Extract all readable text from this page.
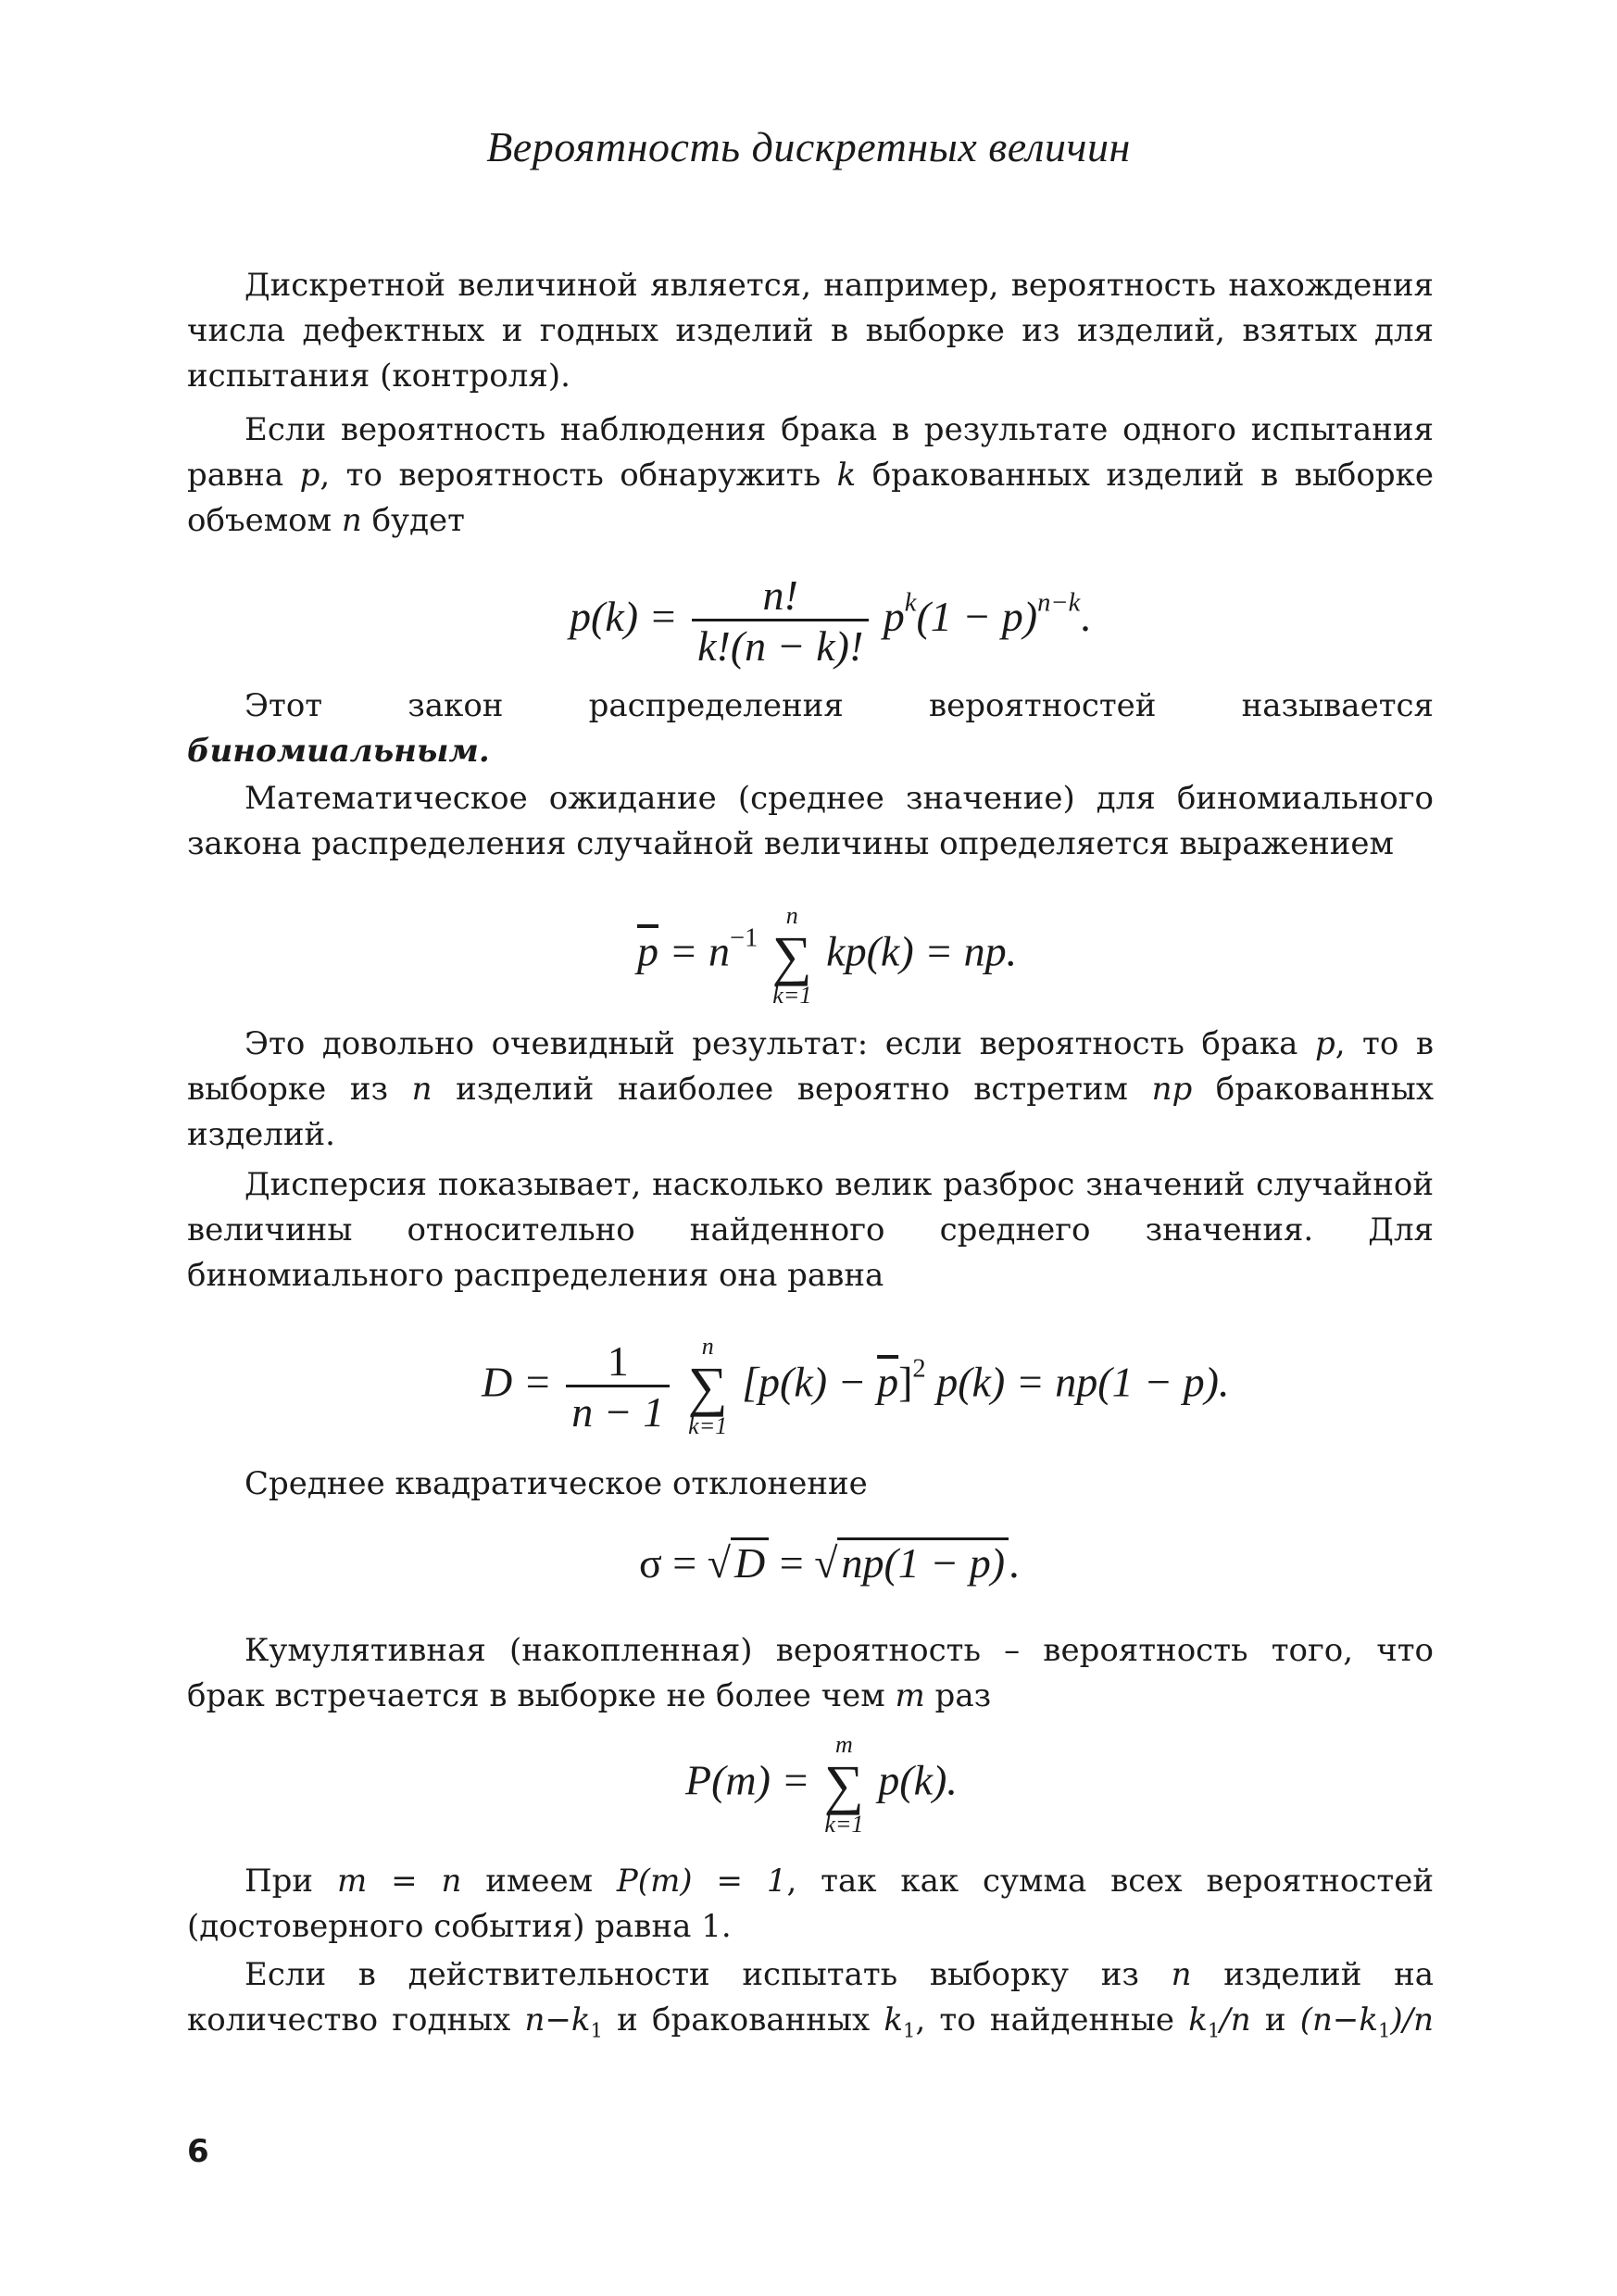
Вероятность дискретных величин
Дискретной величиной является, например, вероятность нахождения числа дефектных и годных изделий в выборке из изделий, взятых для испытания (контроля).
Если вероятность наблюдения брака в результате одного испытания равна p, то вероятность обнаружить k бракованных изделий в выборке объемом n будет
$p(k) = \frac{n!}{k!(n - k)!} p^k(1 - p)^{n-k}$.
Этот закон распределения вероятностей называется биномиальным.
Математическое ожидание (среднее значение) для биномиального закона распределения случайной величины определяется выражением
$\overline{p} = n^{-1}$
n
∑
k=1
kp(k) = np.
Это довольно очевидный результат: если вероятность брака p, то в выборке из n изделий наиболее вероятно встретим np бракованных изделий.
Дисперсия показывает, насколько велик разброс значений случайной величины относительно найденного среднего значения. Для биномиального распределения она равна
$D = \frac{1}{n - 1}$
	n
∑
k=1
$[p(k) - \overline{p}]^2$ p(k) = np(1 − p).
Среднее квадратическое отклонение
σ = √D = √np(1 − p).
Кумулятивная (накопленная) вероятность – вероятность того, что брак встречается в выборке не более чем m раз
P(m) =
m
∑
k=1
p(k).
При m = n имеем P(m) = 1, так как сумма всех вероятностей (достоверного события) равна 1.
Если в действительности испытать выборку из n изделий на количество годных $n-k_1$ и бракованных $k_1$, то найденные $k_1/n$ и $(n-k_1)/n$
6
